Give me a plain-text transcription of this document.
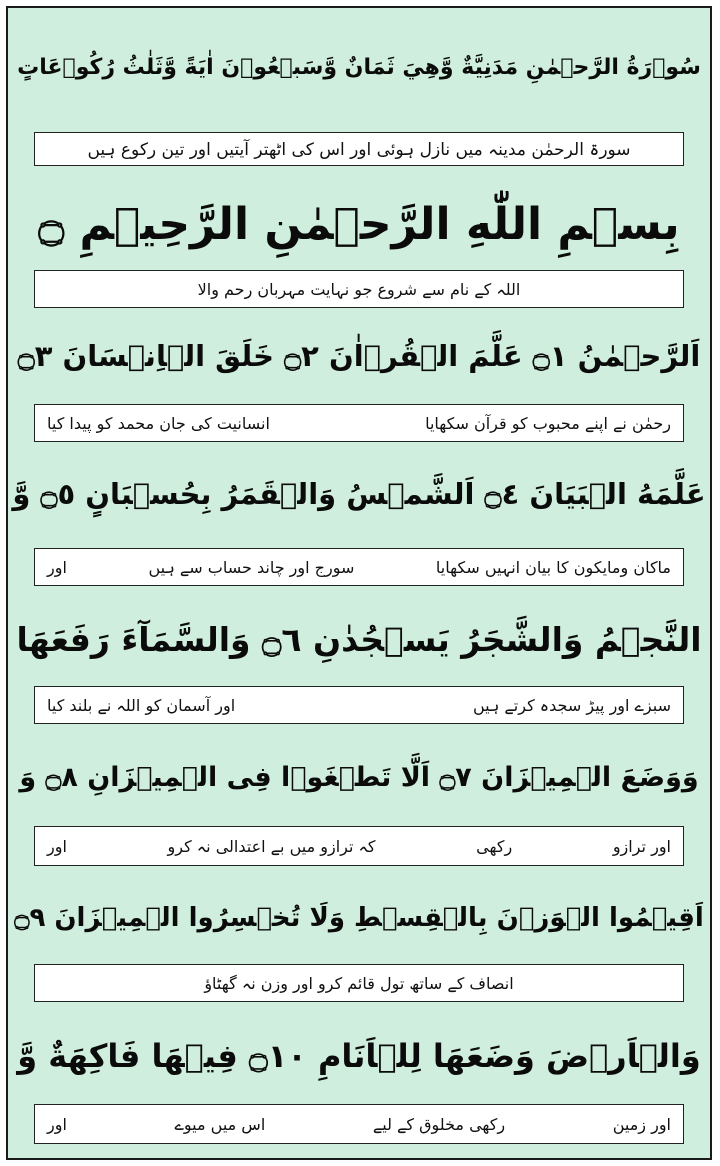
سُوۡرَةُ الرَّحۡمٰنِ مَدَنِيَّةٌ وَّهِيَ ثَمَانٌ وَّسَبۡعُوۡنَ اٰيَةً وَّثَلٰثُ رُكُوۡعَاتٍ
سورۃ الرحمٰن مدینہ میں نازل ہوئی اور اس کی اٹھتر آیتیں اور تین رکوع ہیں
بِسۡمِ اللّٰهِ الرَّحۡمٰنِ الرَّحِيۡمِ ۝
اللہ کے نام سے شروع جو نہایت مہربان رحم والا
اَلرَّحۡمٰنُ ۝١ عَلَّمَ الۡقُرۡاٰنَ ۝٢ خَلَقَ الۡاِنۡسَانَ ۝٣
رحمٰن نے اپنے محبوب کو قرآن سکھایا
انسانیت کی جان محمد کو پیدا کیا
عَلَّمَهُ الۡبَيَانَ ۝٤ اَلشَّمۡسُ وَالۡقَمَرُ بِحُسۡبَانٍ ۝٥ وَّ
ماکان ومایکون کا بیان انہیں سکھایا
سورج اور چاند حساب سے ہیں
اور
النَّجۡمُ وَالشَّجَرُ يَسۡجُدٰنِ ۝٦ وَالسَّمَآءَ رَفَعَهَا
سبزے اور پیڑ سجدہ کرتے ہیں
اور آسمان کو اللہ نے بلند کیا
وَوَضَعَ الۡمِيۡزَانَ ۝٧ اَلَّا تَطۡغَوۡا فِى الۡمِيۡزَانِ ۝٨ وَ
اور ترازو
رکھی
کہ ترازو میں بے اعتدالی نہ کرو
اور
اَقِيۡمُوا الۡوَزۡنَ بِالۡقِسۡطِ وَلَا تُخۡسِرُوا الۡمِيۡزَانَ ۝٩
انصاف کے ساتھ تول قائم کرو اور وزن نہ گھٹاؤ
وَالۡاَرۡضَ وَضَعَهَا لِلۡاَنَامِ ۝١٠ فِيۡهَا فَاكِهَةٌ وَّ
اور زمین
رکھی مخلوق کے لیے
اس میں میوے
اور
